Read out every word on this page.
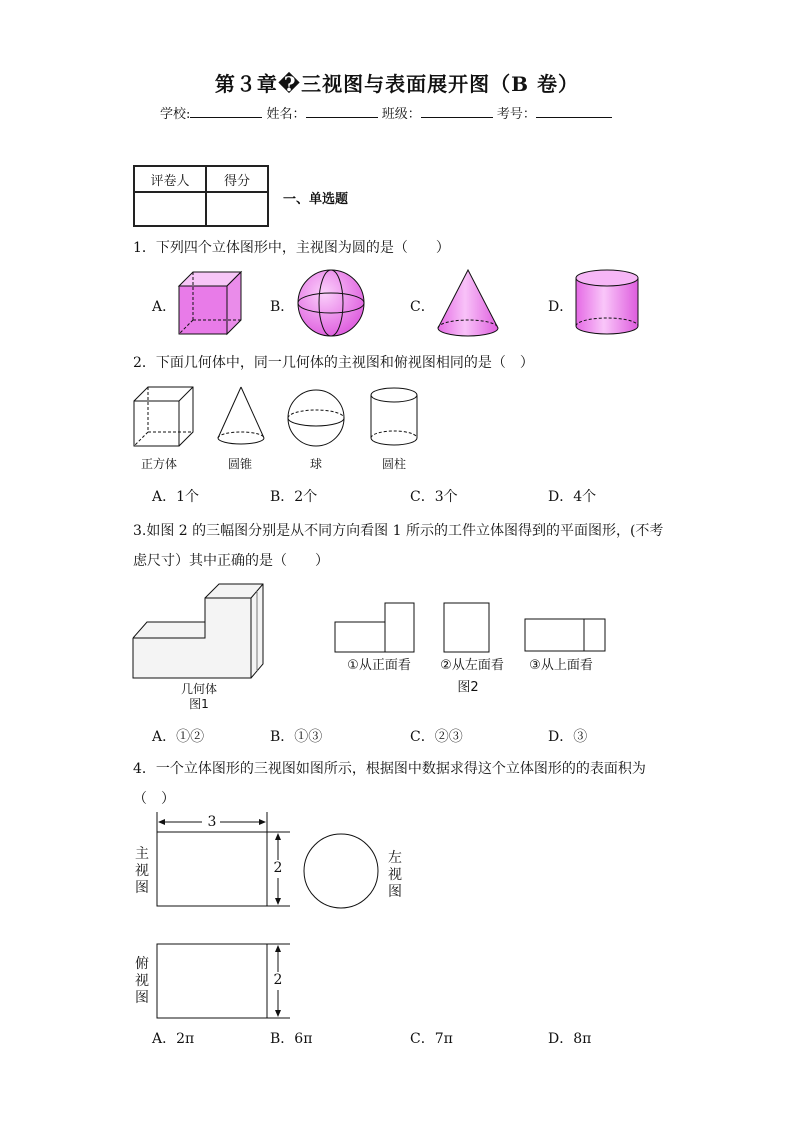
第３章�三视图与表面展开图（B 卷）
学校:	姓名：	班级：	考号：
评卷人	得分

一、单选题
1．下列四个立体图形中，主视图为圆的是（　　）
A．	B．	C．	D．
2．下面几何体中，同一几何体的主视图和俯视图相同的是（　）
正方体	圆锥	球	圆柱
A．1个	B．2个	C．3个	D．4个
3.如图 2 的三幅图分别是从不同方向看图 1 所示的工件立体图得到的平面图形，(不考
虑尺寸）其中正确的是（　　）
几何体
图1
①从正面看	②从左面看	③从上面看
图2
A．①②	B．①③	C．②③	D．③
4．一个立体图形的三视图如图所示，根据图中数据求得这个立体图形的的表面积为
（　）
3
2
2
主
视
图
俯
视
图
左
视
图
A．2π	B．6π	C．7π	D．8π
